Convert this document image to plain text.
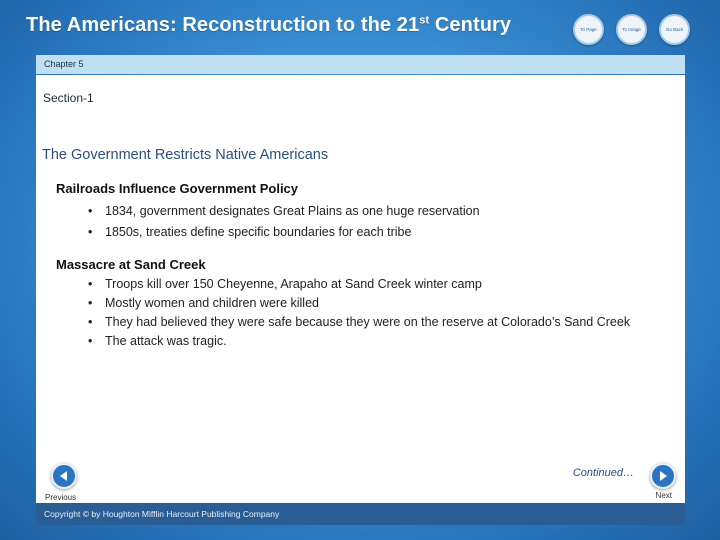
The Americans: Reconstruction to the 21st Century	To Page	To Image	Go Back
Chapter 5
Section-1
The Government Restricts Native Americans
Railroads Influence Government Policy
• 1834, government designates Great Plains as one huge reservation
• 1850s, treaties define specific boundaries for each tribe
Massacre at Sand Creek
• Troops kill over 150 Cheyenne, Arapaho at Sand Creek winter camp
• Mostly women and children were killed
• They had believed they were safe because they were on the reserve at Colorado’s Sand Creek
• The attack was tragic.
Continued…
Previous	Next
Copyright © by Houghton Mifflin Harcourt Publishing Company
